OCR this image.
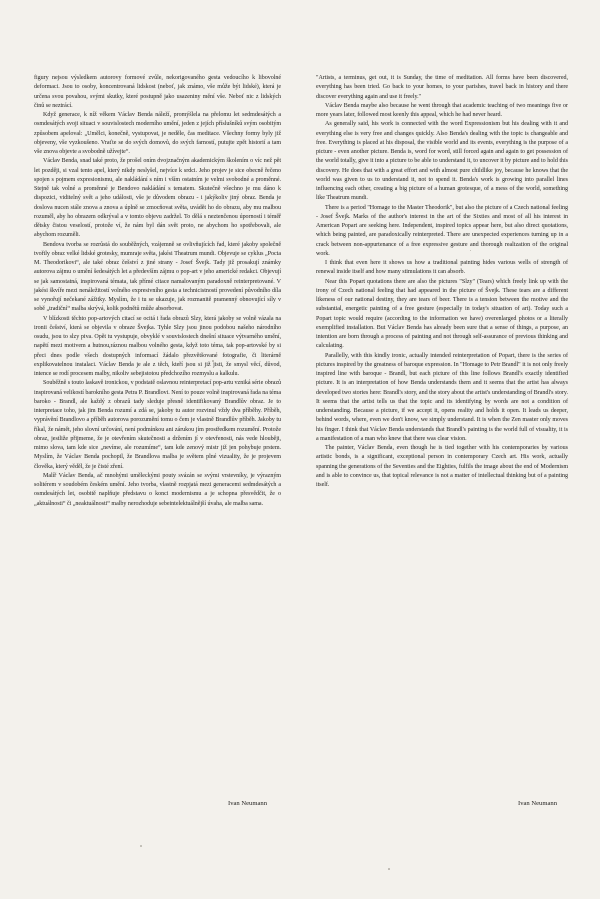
figury nejsou výsledkem autorovy formové zvůle, nekorigovaného gesta vedoucího k libovolné deformaci. Jsou to osoby, koncentrovaná lidskost (neboť, jak známo, vše může být lidské), která je určena svou povahou, svými skutky, které postupně jako usazeniny mění vše. Neboť nic z lidských činů se neztrácí.

Když generace, k níž věkem Václav Benda náleží, promýšlela na přelomu let sedmdesátých a osmdesátých svoji situaci v souvislostech moderního umění, jeden z jejích příslušníků svým osobitým způsobem apeloval: „Umělci, konečně, vystupovat, je neděle, čas meditace. Všechny formy byly již objeveny, vše vyzkoušeno. Vraťte se do svých domovů, do svých farností, putujte zpět historií a tam vše znova objevte a svobodně užívejte“.

Václav Benda, snad také proto, že prošel oním dvojznačným akademickým školením o víc než pět let později, si vzal tento apel, který nikdy neslyšel, nejvíce k srdci. Jeho projev je sice obecně řečeno spojen s pojmem expresionismu, ale nakládání s ním i vším ostatním je velmi svobodné a proměnné. Stejně tak volné a proměnné je Bendovo nakládání s tematem. Skutečně všechno je mu dáno k dispozici, viditelný svět a jeho události, vše je důvodem obrazu - i jakýkoliv jiný obraz. Benda je doslova nucen stále znova a znova a úplně se zmocňovat světa, uvádět ho do obrazu, aby mu malbou rozuměl, aby ho obrazem odkrýval a v tomto objevu zadržel. To dělá s neztenčenou úporností i téměř dětsky čistou veselostí, protože ví, že nám byl dán svět proto, ne abychom ho spotřebovali, ale abychom rozuměli.

Bendova tvorba se rozrůstá do souběžných, vzájemně se ovlivňujících řad, které jakoby společně tvořily obraz velké lidské grotesky, mumraje světa, jakési Theatrum mundi. Objevuje se cyklus „Pocta M. Theodorikovi“, ale také obraz češství z jiné strany - Josef Švejk. Tady již prosakují známky autorova zájmu o umění šedesátých let a především zájmu o pop-art v jeho americké redakci. Objevují se jak samostatná, inspirovaná témata, tak přímé citace namalovaným paradoxně reinterpretované. V jakési škvíře mezi nenáležitostí volného expresivního gesta a technicistností provedení původního díla se vynořují nečekané zážitky. Myslím, že i tu se ukazuje, jak rozmanitě pramenný obnovující síly v sobě „tradiční“ malba skrývá, kolik podnětů může absorbovat.

V blízkosti těchto pop-artových citací se ocitá i řada obrazů Slzy, která jakoby se volně vázala na ironii češství, která se objevila v obraze Švejka. Tyhle Slzy jsou jinou podobou našeho národního osudu, jsou to slzy piva. Opět tu vystupuje, obvyklé v souvislostech dnešní situace výtvarného umění, napětí mezi motivem a hutnou,ráznou malbou volného gesta, když toto téma, tak pop-artovské by si přeci dnes podle všech dostupných informací žádalo přezvětšované fotografie, či literárně explikovatelnou instalaci. Václav Benda je ale z těch, kteří jsou si již jisti, že smysl věcí, důvod, intence se rodí procesem malby, nikoliv sebejistotou předchozího rozmyslu a kalkulu.

Souběžně s touto laskavě ironickou, v podstatě oslavnou reinterpretací pop-artu vzniká série obrazů inspirovaná velikostí barokního gesta Petra P. Brandlovi. Není to pouze volně inspirovaná řada na téma baroko - Brandl, ale každý z obrazů tady sleduje přesně identifikovaný Brandlův obraz. Je to interpretace toho, jak jim Benda rozumí a zdá se, jakoby tu autor rozvinul vždy dva příběhy. Příběh, vyprávění Brandlovo a příběh autorova porozumění tomu o čem je vlastně Brandlův příběh. Jakoby tu říkal, že námět, jeho slovní určování, není podmínkou ani zárukou jím prostředkem rozumění. Protože obraz, jestliže přijmeme, že je otevřením skutečnosti a držením jí v otevřenosti, nás vede hlouběji, mimo slova, tam kde sice „nevíme, ale rozumíme“, tam kde zenový mistr již jen pohybuje prstem. Myslím, že Václav Benda pochopil, že Brandlova malba je světem plné vizuality, že je projevem člověka, který věděl, že je čisté zření.

Malíř Václav Benda, ač mnohými uměleckými pouty svázán se svými vrstevníky, je výrazným solitérem v soudobém českém umění. Jeho tvorba, vlastně rozpjatá mezi generacemi sedmdesátých a osmdesátých let, osobitě naplňuje představu o konci modernismu a je schopna přesvědčit, že o „aktuálnosti“ či „neaktuálnosti“ malby nerozhoduje sebeintelektuálnější úvaha, ale malba sama.

"Artists, a terminus, get out, it is Sunday, the time of meditation. All forms have been discovered, everything has been tried. Go back to your homes, to your parishes, travel back in history and there discover everything again and use it freely."

Václav Benda maybe also because he went through that academic teaching of two meanings five or more years later, followed most keenly this appeal, which he had never heard.

As generally said, his work is connected with the word Expressionism but his dealing with it and everything else is very free and changes quickly. Also Benda's dealing with the topic is changeable and free. Everything is placed at his disposal, the visible world and its events, everything is the purpose of a picture - even another picture. Benda is, word for word, still forced again and again to get possession of the world totally, give it into a picture to be able to understand it, to uncover it by picture and to hold this discovery. He does that with a great effort and with almost pure childlike joy, because he knows that the world was given to us to understand it, not to spend it. Benda's work is growing into parallel lines influencing each other, creating a big picture of a human grotesque, of a mess of the world, something like Theatrum mundi.

There is a period "Homage to the Master Theodorik", but also the picture of a Czech national feeling - Josef Švejk. Marks of the author's interest in the art of the Sixties and most of all his interest in American Popart are seeking here. Independent, inspired topics appear here, but also direct quotations, which being painted, are paradoxically reinterpreted. There are unexpected experiences turning up in a crack between non-appurtenance of a free expressive gesture and thorough realization of the original work.

I think that even here it shows us how a traditional painting hides various wells of strength of renewal inside itself and how many stimulations it can absorb.

Near this Popart quotations there are also the pictures "Slzy" (Tears) which freely link up with the irony of Czech national feeling that had appeared in the picture of Švejk. These tears are a different likeness of our national destiny, they are tears of beer. There is a tension between the motive and the substantial, energetic painting of a free gesture (especially in today's situation of art). Today such a Popart topic would require (according to the information we have) overenlarged photos or a literally exemplified installation. But Václav Benda has already been sure that a sense of things, a purpose, an intention are born through a process of painting and not through self-assurance of previous thinking and calculating.

Parallelly, with this kindly ironic, actually intended reinterpretation of Popart, there is the series of pictures inspired by the greatness of baroque expression. In "Homage to Petr Brandl" it is not only freely inspired line with baroque - Brandl, but each picture of this line follows Brandl's exactly identified picture. It is an interpretation of how Benda understands them and it seems that the artist has always developed two stories here: Brandl's story, and the story about the artist's understanding of Brandl's story. It seems that the artist tells us that the topic and its identifying by words are not a condition of understanding. Because a picture, if we accept it, opens reality and holds it open. It leads us deeper, behind words, where, even we don't know, we simply understand. It is when the Zen master only moves his finger. I think that Václav Benda understands that Brandl's painting is the world full of visuality, it is a manifestation of a man who knew that there was clear vision.

The painter, Václav Benda, even though he is tied together with his contemporaries by various artistic bonds, is a significant, exceptional person in contemporary Czech art. His work, actually spanning the generations of the Seventies and the Eighties, fulfils the image about the end of Modernism and is able to convince us, that topical relevance is not a matter of intellectual thinking but of a painting itself.

Ivan Neumann	Ivan Neumann
